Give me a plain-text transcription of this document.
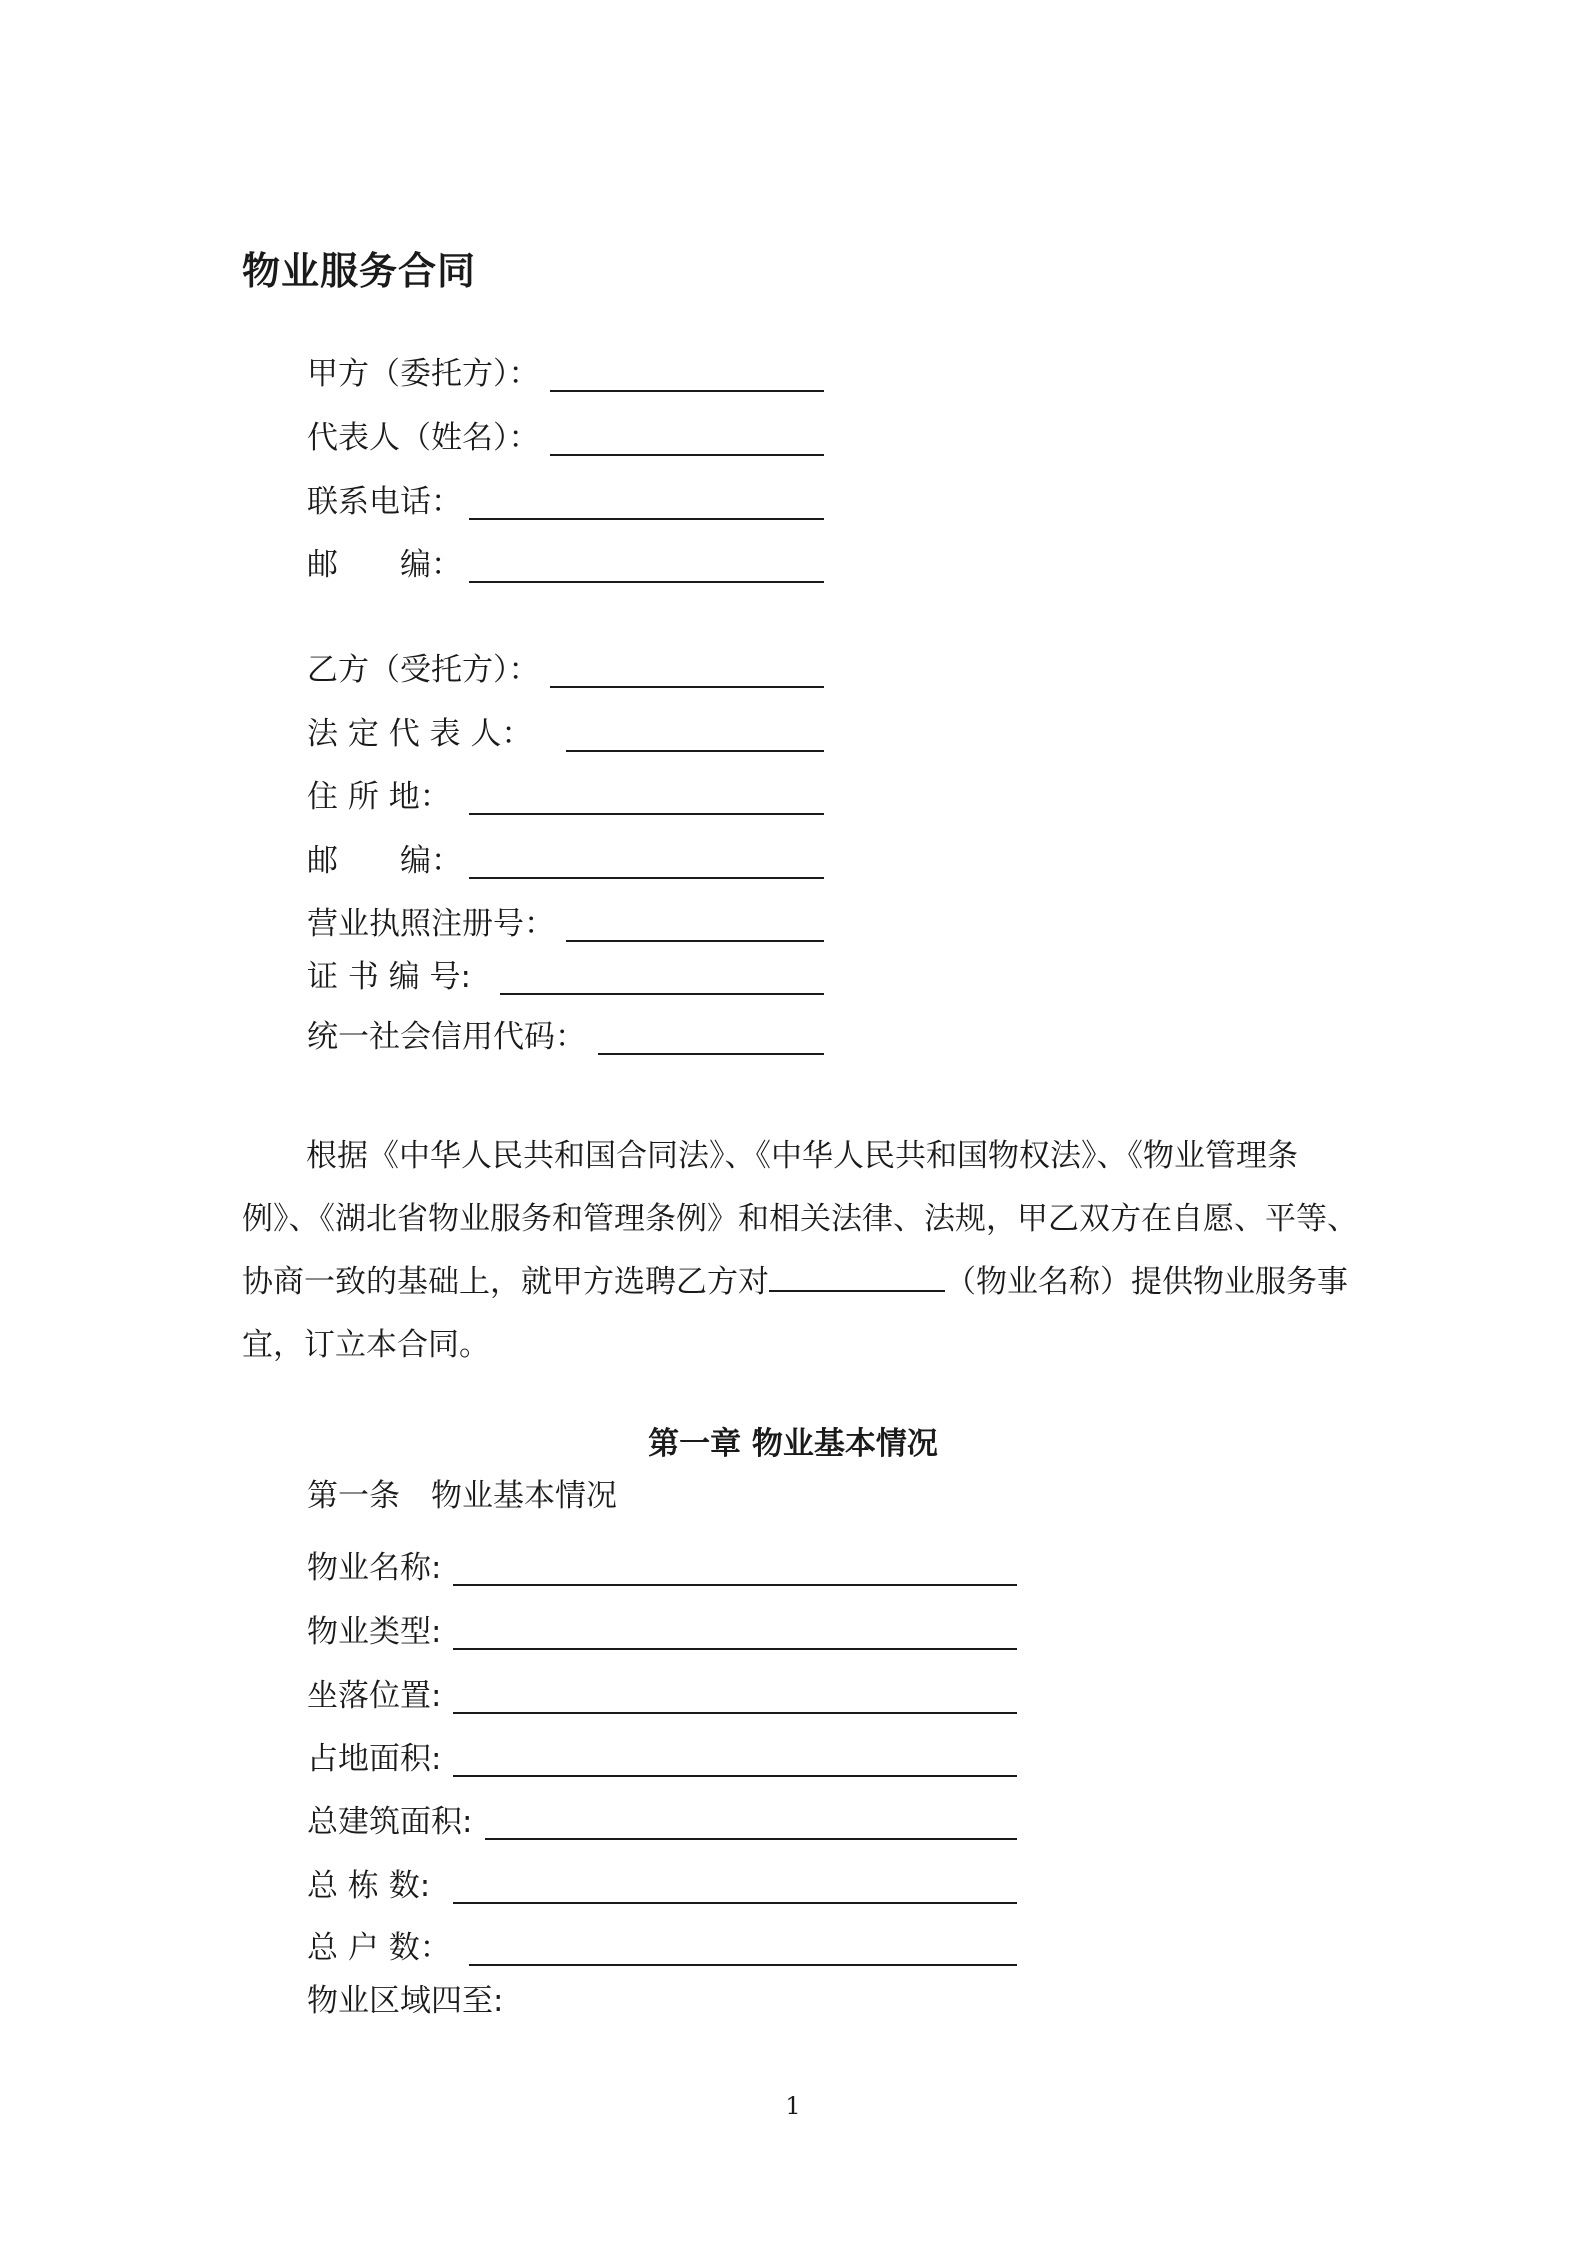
物业服务合同
甲方（委托方）：
代表人（姓名）：
联系电话：
邮　　编：
乙方（受托方）：
法 定 代 表 人：
住 所 地：
邮　　编：
营业执照注册号：
证 书 编 号:
统一社会信用代码：
根据《中华人民共和国合同法》、《中华人民共和国物权法》、《物业管理条例》、《湖北省物业服务和管理条例》和相关法律、法规，甲乙双方在自愿、平等、协商一致的基础上，就甲方选聘乙方对	（物业名称）提供物业服务事宜，订立本合同。
第一章 物业基本情况
第一条　物业基本情况
物业名称:
物业类型:
坐落位置:
占地面积:
总建筑面积:
总 栋 数:
总 户 数：
物业区域四至:
1
